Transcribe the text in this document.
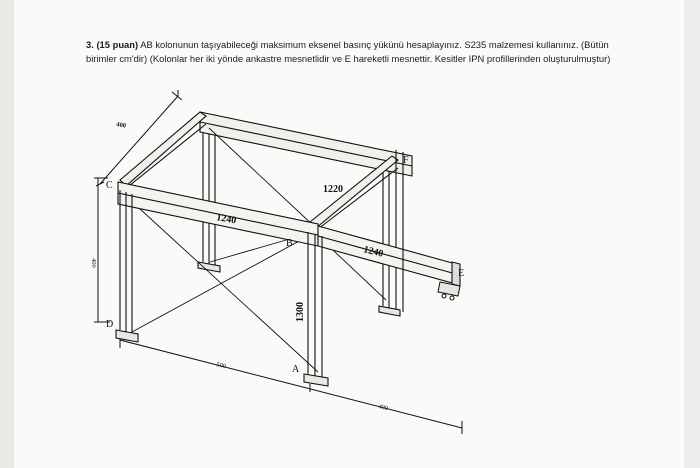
3. (15 puan) AB kolonunun taşıyabileceği maksimum eksenel basınç yükünü hesaplayınız. S235 malzemesi kullanınız. (Bütün birimler cm'dir) (Kolonlar her iki yönde ankastre mesnetlidir ve E hareketli mesnettir. Kesitler IPN profillerinden oluşturulmuştur)

C
D
A
B
E
F
1220
1240
1240
1300
400
400
500
400
